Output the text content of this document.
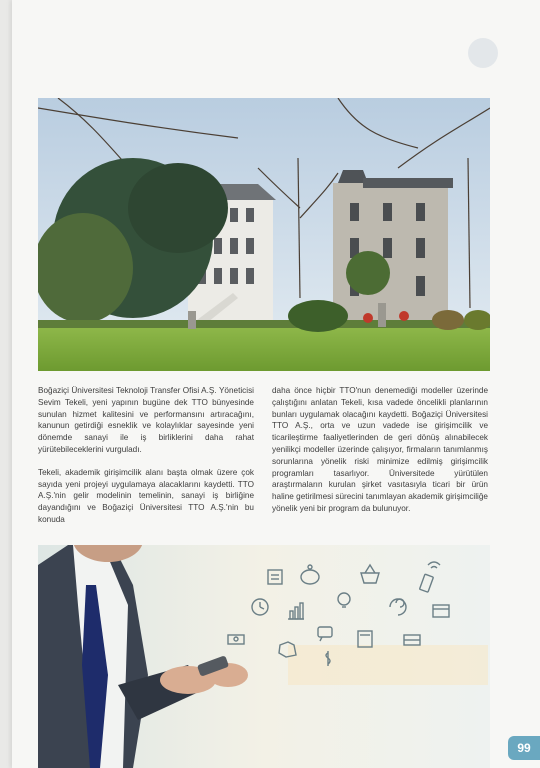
Boğaziçi Üniversitesi Teknoloji Transfer Ofisi A.Ş. Yöneticisi Sevim Tekeli, yeni yapının bugüne dek TTO bünyesinde sunulan hizmet kalitesini ve performansını artıracağını, kanunun getirdiği esneklik ve kolaylıklar sayesinde yeni dönemde sanayi ile iş birliklerini daha rahat yürütebileceklerini vurguladı.

Tekeli, akademik girişimcilik alanı başta olmak üzere çok sayıda yeni projeyi uygulamaya alacaklarını kaydetti. TTO A.Ş.'nin gelir modelinin temelinin, sanayi iş birliğine dayandığını ve Boğaziçi Üniversitesi TTO A.Ş.'nin bu konuda

daha önce hiçbir TTO'nun denemediği modeller üzerinde çalıştığını anlatan Tekeli, kısa vadede öncelikli planlarının bunları uygulamak olacağını kaydetti. Boğaziçi Üniversitesi TTO A.Ş., orta ve uzun vadede ise girişimcilik ve ticarileştirme faaliyetlerinden de geri dönüş alınabilecek yenilikçi modeller üzerinde çalışıyor, firmaların tanımlanmış sorunlarına yönelik riski minimize edilmiş girişimcilik programları tasarlıyor. Üniversitede yürütülen araştırmaların kurulan şirket vasıtasıyla ticari bir ürün haline getirilmesi sürecini tanımlayan akademik girişimciliğe yönelik yeni bir program da bulunuyor.

99
